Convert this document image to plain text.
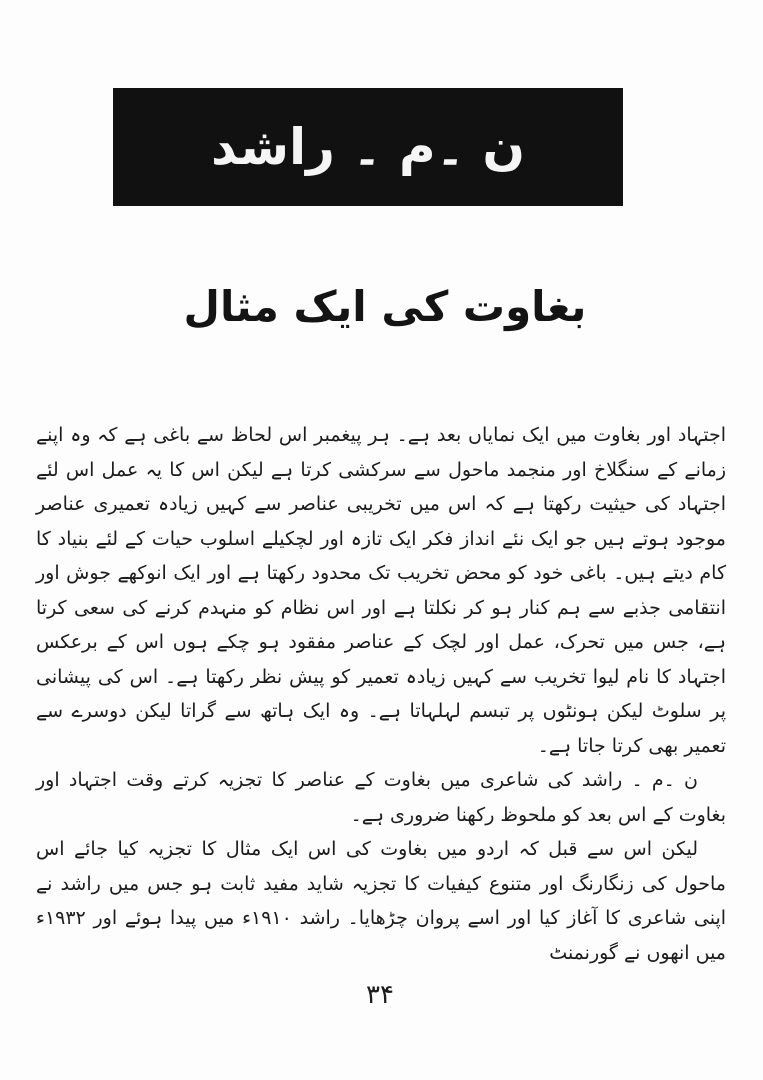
ن ۔م ۔ راشد
بغاوت کی ایک مثال

اجتہاد اور بغاوت میں ایک نمایاں بعد ہے۔ ہر پیغمبر اس لحاظ سے باغی ہے کہ وہ اپنے زمانے کے سنگلاخ اور منجمد ماحول سے سرکشی کرتا ہے لیکن اس کا یہ عمل اس لئے اجتہاد کی حیثیت رکھتا ہے کہ اس میں تخریبی عناصر سے کہیں زیادہ تعمیری عناصر موجود ہوتے ہیں جو ایک نئے انداز فکر ایک تازہ اور لچکیلے اسلوب حیات کے لئے بنیاد کا کام دیتے ہیں۔ باغی خود کو محض تخریب تک محدود رکھتا ہے اور ایک انوکھے جوش اور انتقامی جذبے سے ہم کنار ہو کر نکلتا ہے اور اس نظام کو منہدم کرنے کی سعی کرتا ہے، جس میں تحرک، عمل اور لچک کے عناصر مفقود ہو چکے ہوں اس کے برعکس اجتہاد کا نام لیوا تخریب سے کہیں زیادہ تعمیر کو پیش نظر رکھتا ہے۔ اس کی پیشانی پر سلوٹ لیکن ہونٹوں پر تبسم لہلہاتا ہے۔ وہ ایک ہاتھ سے گراتا لیکن دوسرے سے تعمیر بھی کرتا جاتا ہے۔

ن ۔م ۔ راشد کی شاعری میں بغاوت کے عناصر کا تجزیہ کرتے وقت اجتہاد اور بغاوت کے اس بعد کو ملحوظ رکھنا ضروری ہے۔

لیکن اس سے قبل کہ اردو میں بغاوت کی اس ایک مثال کا تجزیہ کیا جائے اس ماحول کی زنگارنگ اور متنوع کیفیات کا تجزیہ شاید مفید ثابت ہو جس میں راشد نے اپنی شاعری کا آغاز کیا اور اسے پروان چڑھایا۔ راشد ۱۹۱۰ء میں پیدا ہوئے اور ۱۹۳۲ء میں انھوں نے گورنمنٹ

۳۴
